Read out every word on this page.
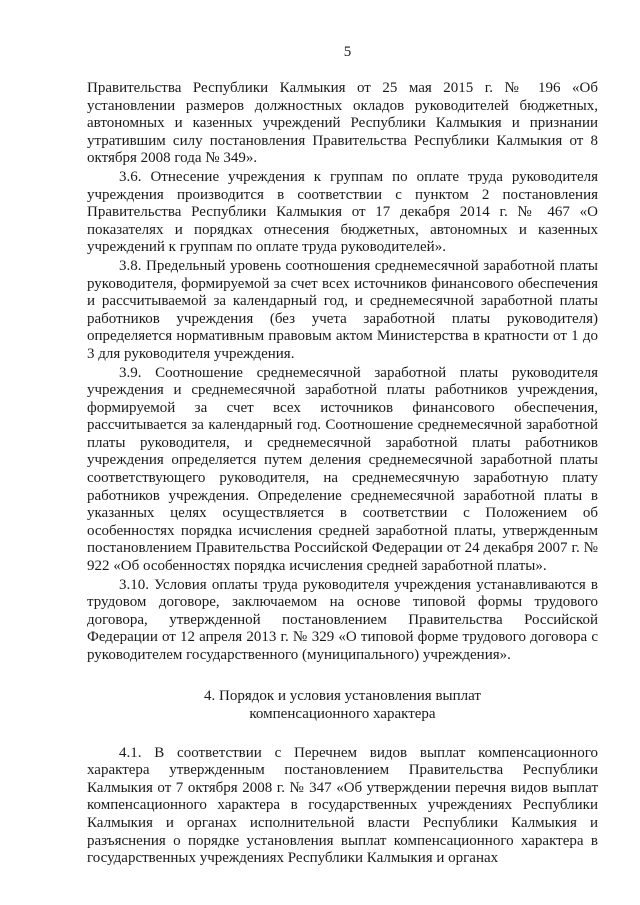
5

Правительства Республики Калмыкия от 25 мая 2015 г. № 196 «Об установлении размеров должностных окладов руководителей бюджетных, автономных и казенных учреждений Республики Калмыкия и признании утратившим силу постановления Правительства Республики Калмыкия от 8 октября 2008 года № 349».

3.6. Отнесение учреждения к группам по оплате труда руководителя учреждения производится в соответствии с пунктом 2 постановления Правительства Республики Калмыкия от 17 декабря 2014 г. № 467 «О показателях и порядках отнесения бюджетных, автономных и казенных учреждений к группам по оплате труда руководителей».

3.8. Предельный уровень соотношения среднемесячной заработной платы руководителя, формируемой за счет всех источников финансового обеспечения и рассчитываемой за календарный год, и среднемесячной заработной платы работников учреждения (без учета заработной платы руководителя) определяется нормативным правовым актом Министерства в кратности от 1 до 3 для руководителя учреждения.

3.9. Соотношение среднемесячной заработной платы руководителя учреждения и среднемесячной заработной платы работников учреждения, формируемой за счет всех источников финансового обеспечения, рассчитывается за календарный год. Соотношение среднемесячной заработной платы руководителя, и среднемесячной заработной платы работников учреждения определяется путем деления среднемесячной заработной платы соответствующего руководителя, на среднемесячную заработную плату работников учреждения. Определение среднемесячной заработной платы в указанных целях осуществляется в соответствии с Положением об особенностях порядка исчисления средней заработной платы, утвержденным постановлением Правительства Российской Федерации от 24 декабря 2007 г. № 922 «Об особенностях порядка исчисления средней заработной платы».

3.10. Условия оплаты труда руководителя учреждения устанавливаются в трудовом договоре, заключаемом на основе типовой формы трудового договора, утвержденной постановлением Правительства Российской Федерации от 12 апреля 2013 г. № 329 «О типовой форме трудового договора с руководителем государственного (муниципального) учреждения».

4. Порядок и условия установления выплат
компенсационного характера

4.1. В соответствии с Перечнем видов выплат компенсационного характера утвержденным постановлением Правительства Республики Калмыкия от 7 октября 2008 г. № 347 «Об утверждении перечня видов выплат компенсационного характера в государственных учреждениях Республики Калмыкия и органах исполнительной власти Республики Калмыкия и разъяснения о порядке установления выплат компенсационного характера в государственных учреждениях Республики Калмыкия и органах
